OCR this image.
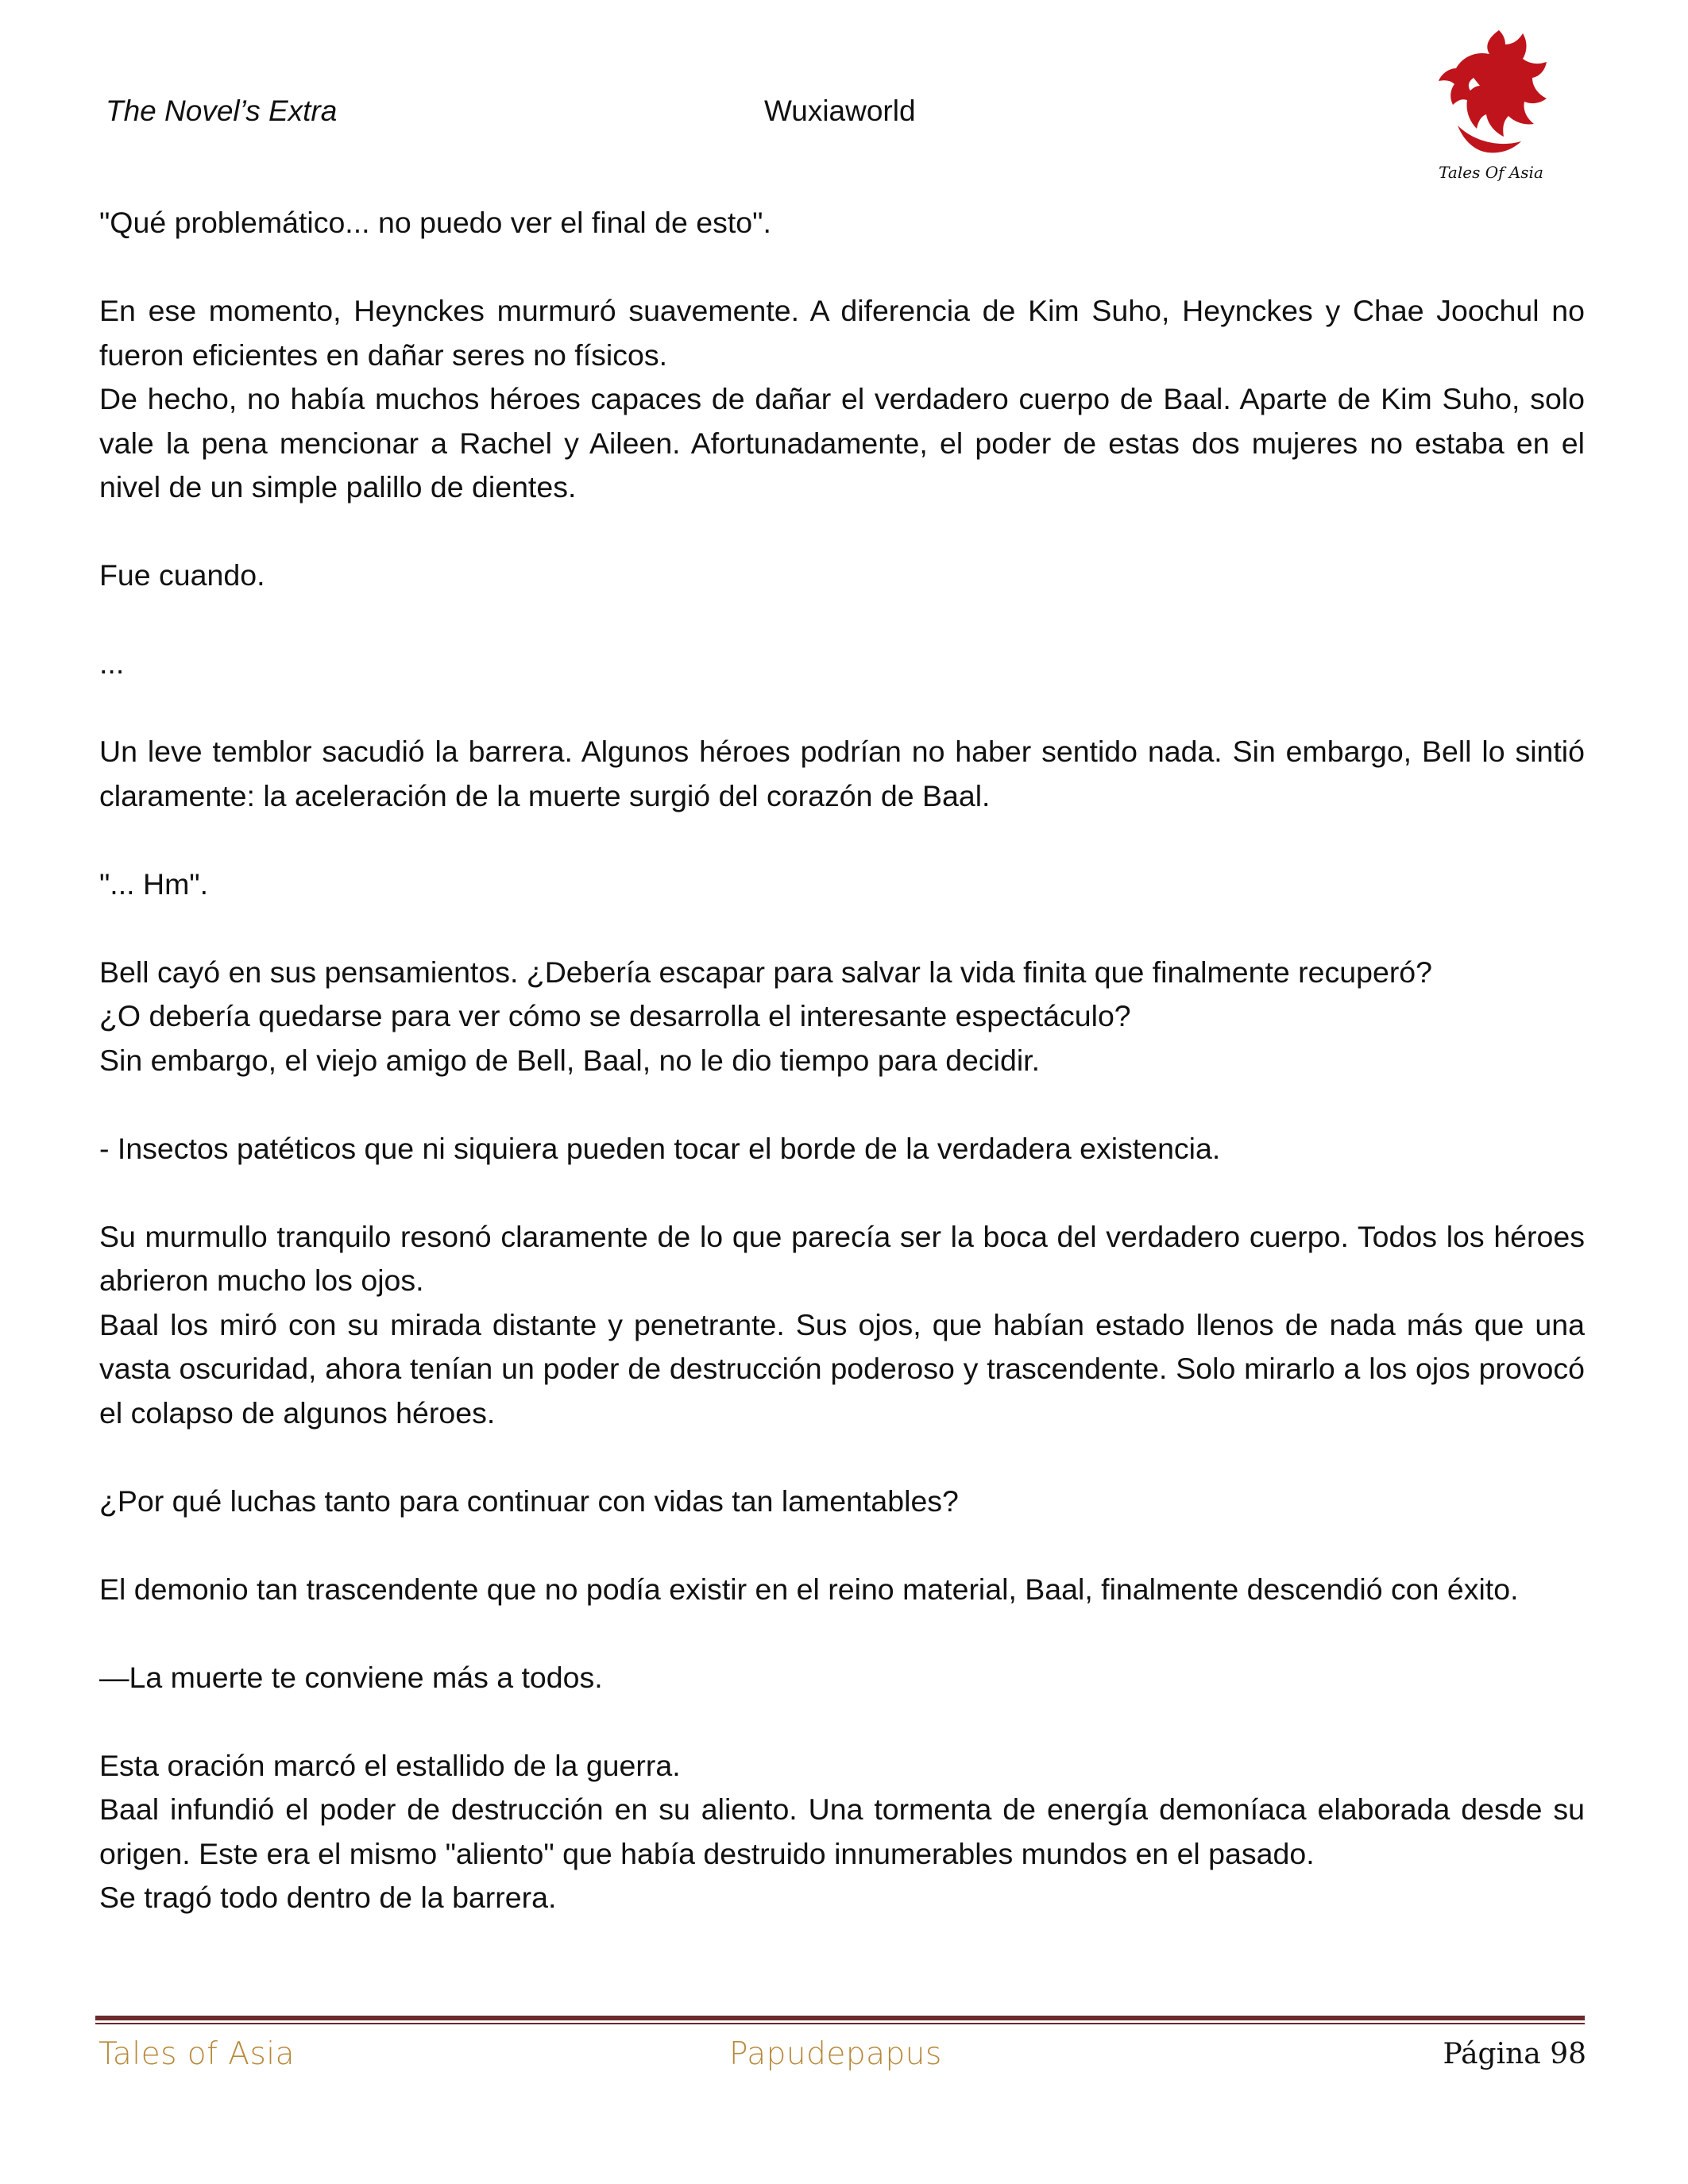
The Novel’s Extra	Wuxiaworld
Tales Of Asia

"Qué problemático... no puedo ver el final de esto".

En ese momento, Heynckes murmuró suavemente. A diferencia de Kim Suho, Heynckes y Chae Joochul no fueron eficientes en dañar seres no físicos.
De hecho, no había muchos héroes capaces de dañar el verdadero cuerpo de Baal. Aparte de Kim Suho, solo vale la pena mencionar a Rachel y Aileen. Afortunadamente, el poder de estas dos mujeres no estaba en el nivel de un simple palillo de dientes.

Fue cuando.

...

Un leve temblor sacudió la barrera. Algunos héroes podrían no haber sentido nada. Sin embargo, Bell lo sintió claramente: la aceleración de la muerte surgió del corazón de Baal.

"... Hm".

Bell cayó en sus pensamientos. ¿Debería escapar para salvar la vida finita que finalmente recuperó?
¿O debería quedarse para ver cómo se desarrolla el interesante espectáculo?
Sin embargo, el viejo amigo de Bell, Baal, no le dio tiempo para decidir.

- Insectos patéticos que ni siquiera pueden tocar el borde de la verdadera existencia.

Su murmullo tranquilo resonó claramente de lo que parecía ser la boca del verdadero cuerpo. Todos los héroes abrieron mucho los ojos.
Baal los miró con su mirada distante y penetrante. Sus ojos, que habían estado llenos de nada más que una vasta oscuridad, ahora tenían un poder de destrucción poderoso y trascendente. Solo mirarlo a los ojos provocó el colapso de algunos héroes.

¿Por qué luchas tanto para continuar con vidas tan lamentables?

El demonio tan trascendente que no podía existir en el reino material, Baal, finalmente descendió con éxito.

—La muerte te conviene más a todos.

Esta oración marcó el estallido de la guerra.
Baal infundió el poder de destrucción en su aliento. Una tormenta de energía demoníaca elaborada desde su origen. Este era el mismo "aliento" que había destruido innumerables mundos en el pasado.
Se tragó todo dentro de la barrera.

Tales of Asia	Papudepapus	Página 98
